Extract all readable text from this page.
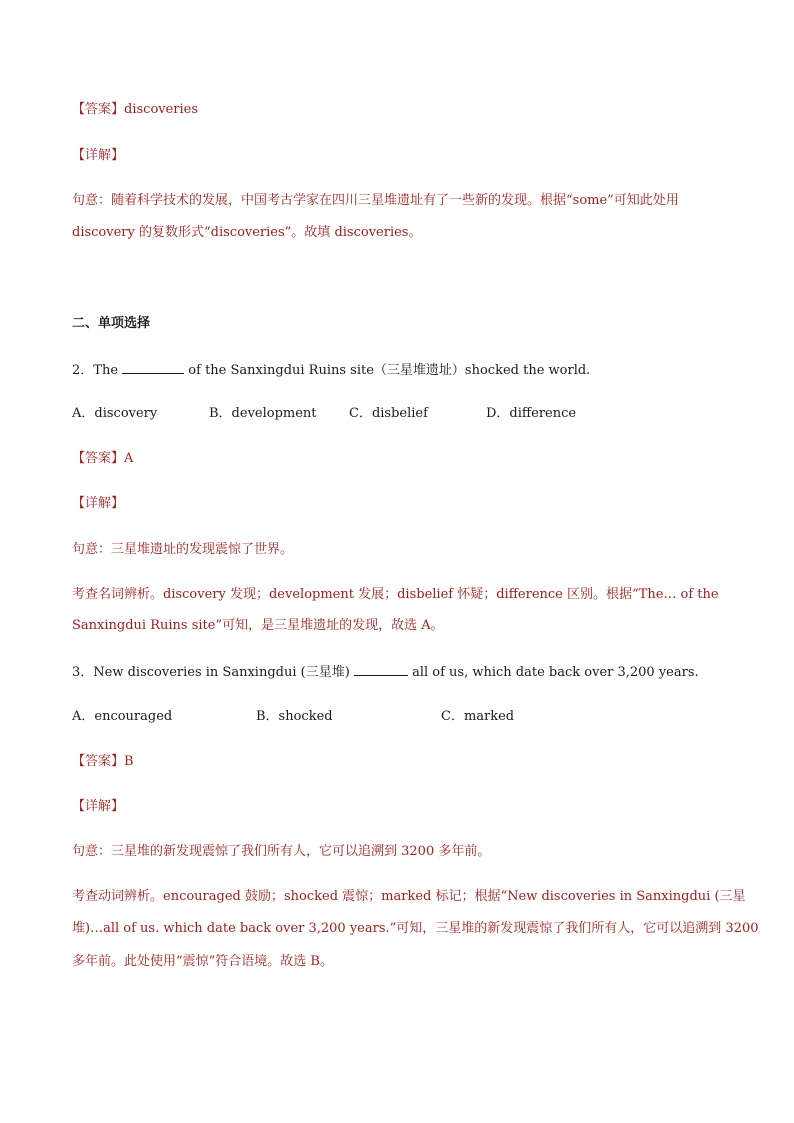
【答案】discoveries
【详解】
句意：随着科学技术的发展，中国考古学家在四川三星堆遗址有了一些新的发现。根据“some”可知此处用
discovery 的复数形式“discoveries”。故填 discoveries。
二、单项选择
2．The	of the Sanxingdui Ruins site（三星堆遗址）shocked the world.
A．discovery	B．development C．disbelief	D．difference
【答案】A
【详解】
句意：三星堆遗址的发现震惊了世界。
考查名词辨析。discovery 发现；development 发展；disbelief 怀疑；difference 区别。根据“The… of the
Sanxingdui Ruins site”可知，是三星堆遗址的发现，故选 A。
3．New discoveries in Sanxingdui (三星堆)	all of us, which date back over 3,200 years.
A．encouraged	B．shocked	C．marked
【答案】B
【详解】
句意：三星堆的新发现震惊了我们所有人，它可以追溯到 3200 多年前。
考查动词辨析。encouraged 鼓励；shocked 震惊；marked 标记；根据“New discoveries in Sanxingdui (三星
堆)…all of us. which date back over 3,200 years.”可知，三星堆的新发现震惊了我们所有人，它可以追溯到 3200
多年前。此处使用“震惊”符合语境。故选 B。
